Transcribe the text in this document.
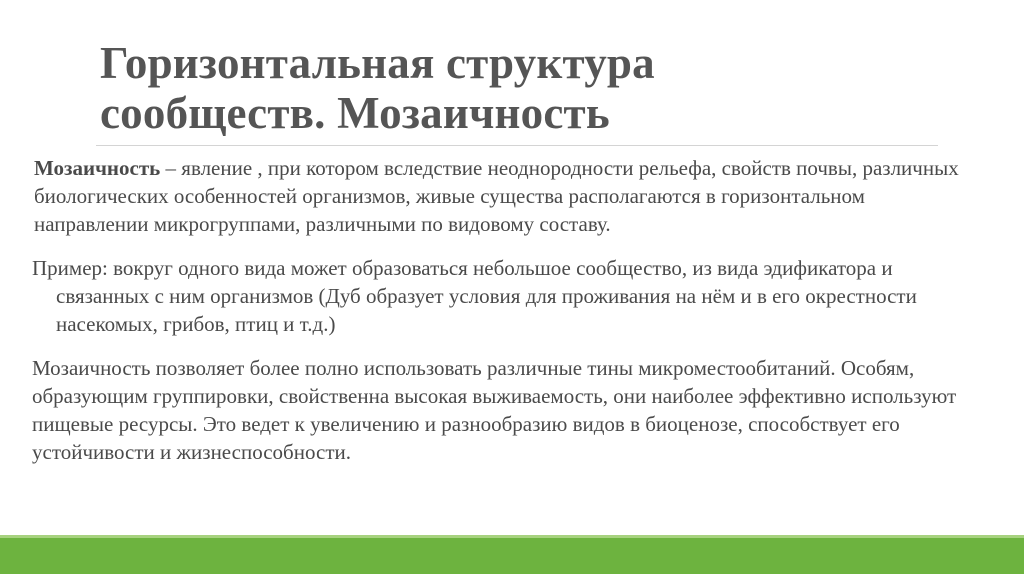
Горизонтальная структура
сообществ. Мозаичность

Мозаичность – явление , при котором вследствие неоднородности рельефа, свойств почвы, различных биологических особенностей организмов, живые существа располагаются в горизонтальном направлении микрогруппами, различными по видовому составу.

Пример: вокруг одного вида может образоваться небольшое сообщество, из вида эдификатора и связанных с ним организмов (Дуб образует условия для проживания на нём и в его окрестности насекомых, грибов, птиц и т.д.)

Мозаичность позволяет более полно использовать различные тины микроместообитаний. Особям, образующим группировки, свойственна высокая выживаемость, они наиболее эффективно используют пищевые ресурсы. Это ведет к увеличению и разнообразию видов в биоценозе, способствует его устойчивости и жизнеспособности.
